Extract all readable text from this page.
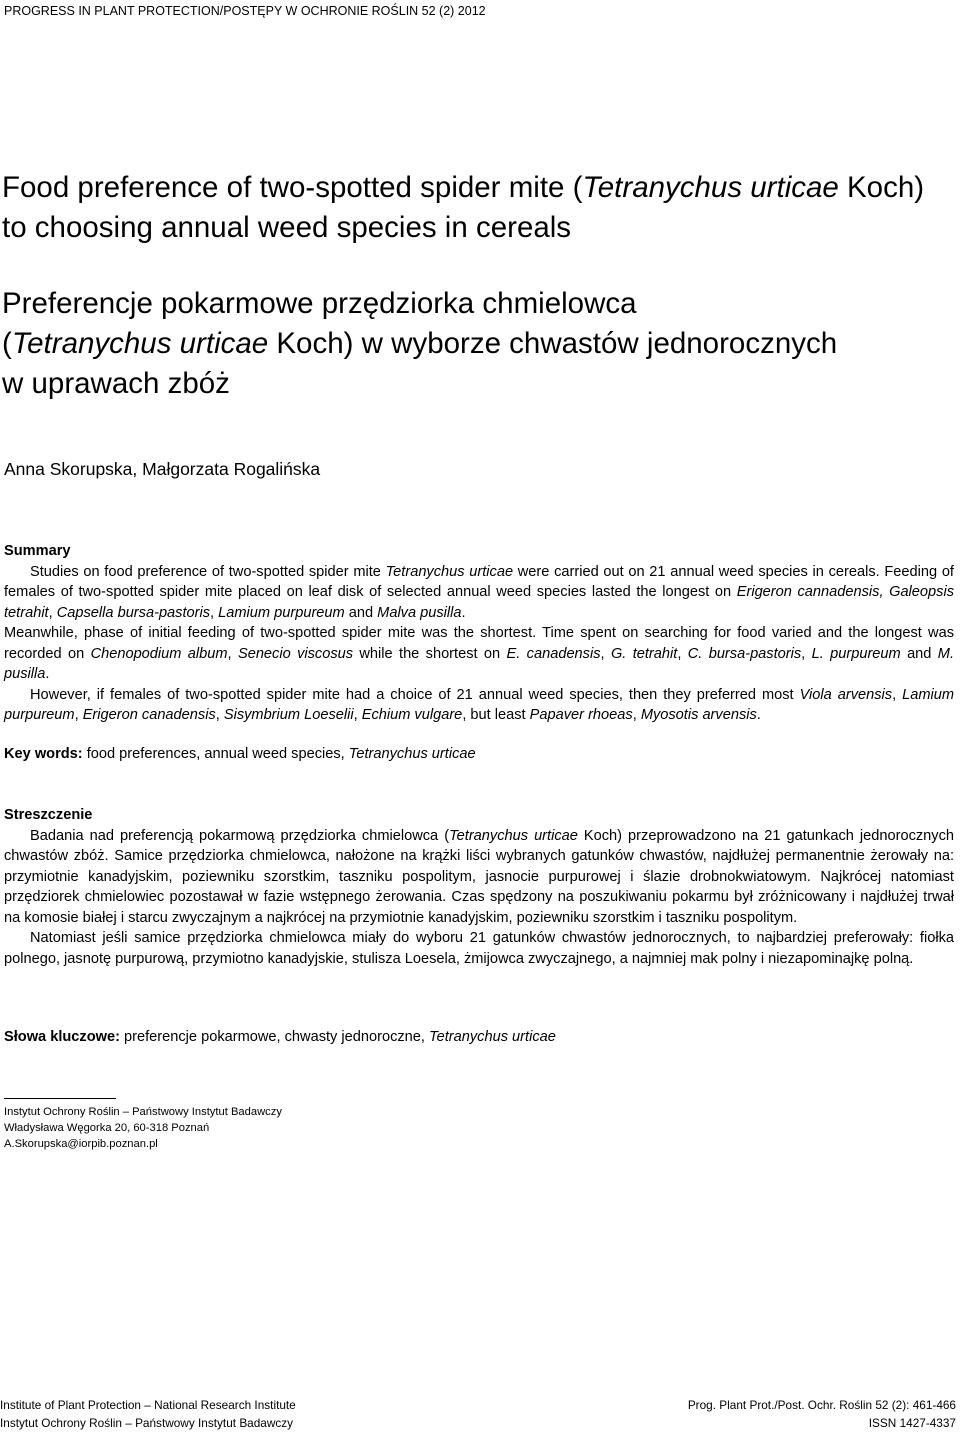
PROGRESS IN PLANT PROTECTION/POSTĘPY W OCHRONIE ROŚLIN 52 (2) 2012
Food preference of two-spotted spider mite (Tetranychus urticae Koch)
to choosing annual weed species in cereals
Preferencje pokarmowe przędziorka chmielowca
(Tetranychus urticae Koch) w wyborze chwastów jednorocznych
w uprawach zbóż
Anna Skorupska, Małgorzata Rogalińska

Summary

Studies on food preference of two-spotted spider mite Tetranychus urticae were carried out on 21 annual weed species in cereals. Feeding of females of two-spotted spider mite placed on leaf disk of selected annual weed species lasted the longest on Erigeron cannadensis, Galeopsis tetrahit, Capsella bursa-pastoris, Lamium purpureum and Malva pusilla.

Meanwhile, phase of initial feeding of two-spotted spider mite was the shortest. Time spent on searching for food varied and the longest was recorded on Chenopodium album, Senecio viscosus while the shortest on E. canadensis, G. tetrahit, C. bursa-pastoris, L. purpureum and M. pusilla.

However, if females of two-spotted spider mite had a choice of 21 annual weed species, then they preferred most Viola arvensis, Lamium purpureum, Erigeron canadensis, Sisymbrium Loeselii, Echium vulgare, but least Papaver rhoeas, Myosotis arvensis.

Key words: food preferences, annual weed species, Tetranychus urticae

Streszczenie

Badania nad preferencją pokarmową przędziorka chmielowca (Tetranychus urticae Koch) przeprowadzono na 21 gatunkach jednorocznych chwastów zbóż. Samice przędziorka chmielowca, nałożone na krążki liści wybranych gatunków chwastów, najdłużej permanentnie żerowały na: przymiotnie kanadyjskim, poziewniku szorstkim, taszniku pospolitym, jasnocie purpurowej i ślazie drobnokwiatowym. Najkrócej natomiast przędziorek chmielowiec pozostawał w fazie wstępnego żerowania. Czas spędzony na poszukiwaniu pokarmu był zróżnicowany i najdłużej trwał na komosie białej i starcu zwyczajnym a najkrócej na przymiotnie kanadyjskim, poziewniku szorstkim i taszniku pospolitym.

Natomiast jeśli samice przędziorka chmielowca miały do wyboru 21 gatunków chwastów jednorocznych, to najbardziej preferowały: fiołka polnego, jasnotę purpurową, przymiotno kanadyjskie, stulisza Loesela, żmijowca zwyczajnego, a najmniej mak polny i niezapominajkę polną.

Słowa kluczowe: preferencje pokarmowe, chwasty jednoroczne, Tetranychus urticae
Instytut Ochrony Roślin – Państwowy Instytut Badawczy
Władysława Węgorka 20, 60-318 Poznań
A.Skorupska@iorpib.poznan.pl
Institute of Plant Protection – National Research Institute
Instytut Ochrony Roślin – Państwowy Instytut Badawczy
Prog. Plant Prot./Post. Ochr. Roślin 52 (2): 461-466
ISSN 1427-4337
